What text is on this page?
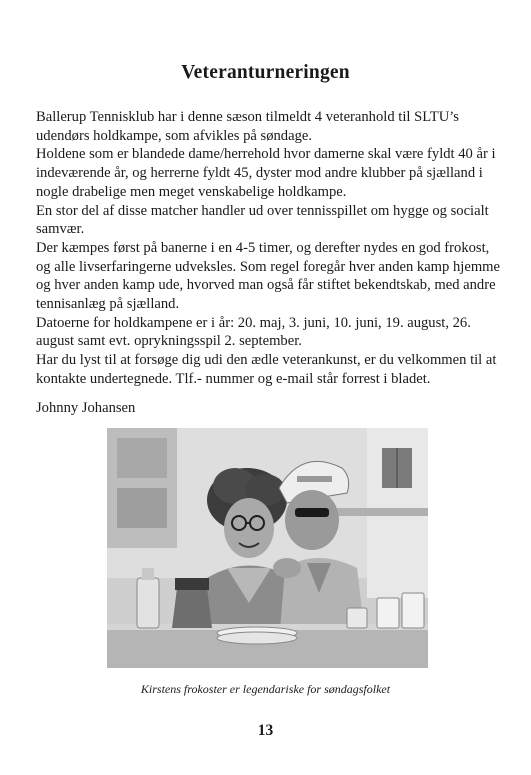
Veteranturneringen

Ballerup Tennisklub har i denne sæson tilmeldt 4 veteranhold til SLTU’s udendørs holdkampe, som afvikles på søndage.

Holdene som er blandede dame/herrehold hvor damerne skal være fyldt 40 år i indeværende år, og herrerne fyldt 45, dyster mod andre klubber på sjælland i nogle drabelige men meget venskabelige holdkampe.

En stor del af disse matcher handler ud over tennisspillet om hygge og socialt samvær.

Der kæmpes først på banerne i en 4-5 timer, og derefter nydes en god frokost, og alle livserfaringerne udveksles. Som regel foregår hver anden kamp hjemme og hver anden kamp ude, hvorved man også får stiftet bekendtskab, med andre tennisanlæg på sjælland.

Datoerne for holdkampene er i år: 20. maj, 3. juni, 10. juni, 19. august, 26. august samt evt. oprykningsspil 2. september.

Har du lyst til at forsøge dig udi den ædle veterankunst, er du velkommen til at kontakte undertegnede. Tlf.- nummer og e-mail står forrest i bladet.

Johnny Johansen
Kirstens frokoster er legendariske for søndagsfolket
13
